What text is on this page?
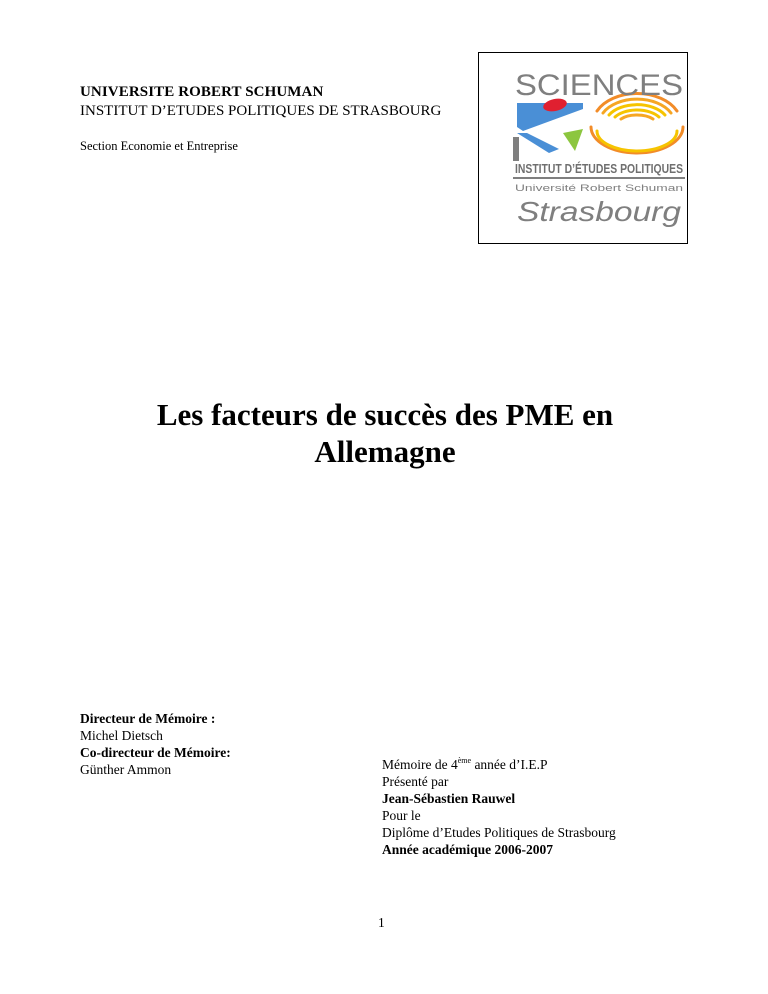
UNIVERSITE ROBERT SCHUMAN
INSTITUT D’ETUDES POLITIQUES DE STRASBOURG
Section Economie et Entreprise
SCIENCES
INSTITUT D’ÉTUDES POLITIQUES
Université Robert Schuman
Strasbourg
Les facteurs de succès des PME en
Allemagne
Directeur de Mémoire :
Michel Dietsch
Co-directeur de Mémoire:
Günther Ammon	Mémoire de 4ème année d’I.E.P
Présenté par
Jean-Sébastien Rauwel
Pour le
Diplôme d’Etudes Politiques de Strasbourg
Année académique 2006-2007
1
